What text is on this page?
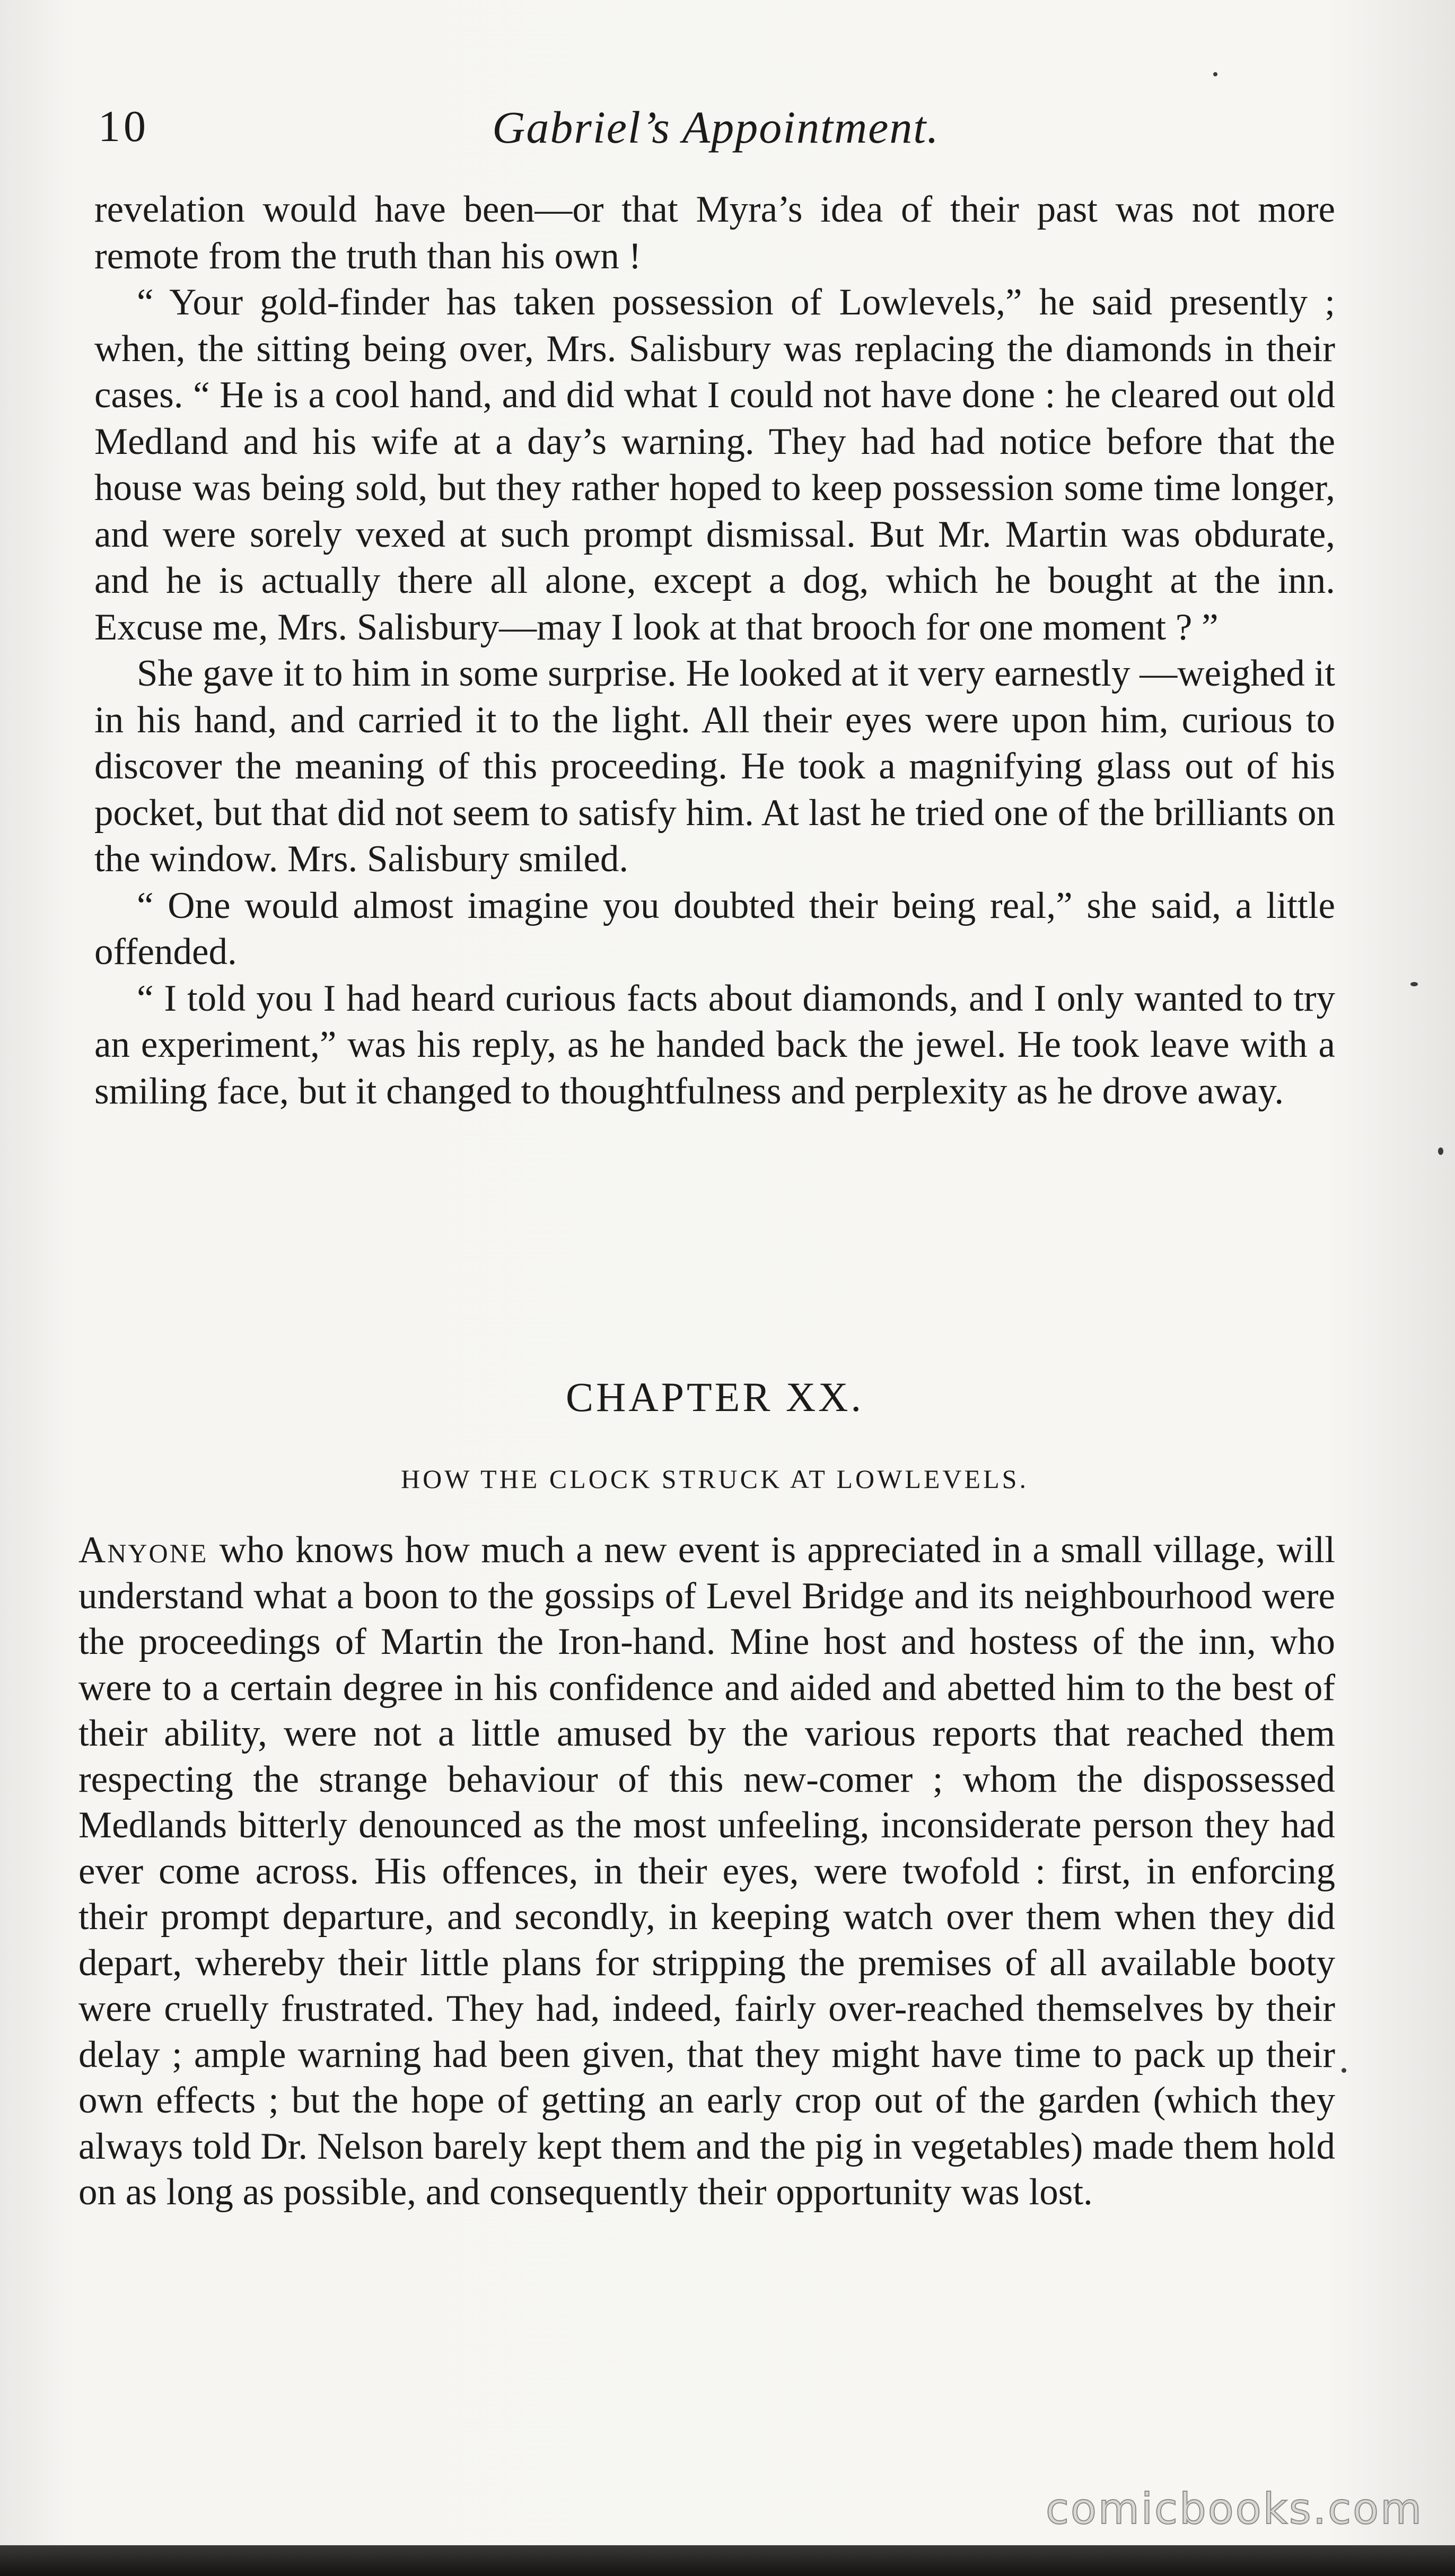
10	Gabriel’s Appointment.

revelation would have been—or that Myra’s idea of their past was not more remote from the truth than his own !

“ Your gold-finder has taken possession of Lowlevels,” he said presently ; when, the sitting being over, Mrs. Salisbury was replacing the diamonds in their cases. “ He is a cool hand, and did what I could not have done : he cleared out old Medland and his wife at a day’s warning. They had had notice before that the house was being sold, but they rather hoped to keep possession some time longer, and were sorely vexed at such prompt dismissal. But Mr. Martin was obdurate, and he is actually there all alone, except a dog, which he bought at the inn. Excuse me, Mrs. Salisbury—may I look at that brooch for one moment ? ”

She gave it to him in some surprise. He looked at it very earnestly —weighed it in his hand, and carried it to the light. All their eyes were upon him, curious to discover the meaning of this proceeding. He took a magnifying glass out of his pocket, but that did not seem to satisfy him. At last he tried one of the brilliants on the window. Mrs. Salisbury smiled.

“ One would almost imagine you doubted their being real,” she said, a little offended.

“ I told you I had heard curious facts about diamonds, and I only wanted to try an experiment,” was his reply, as he handed back the jewel. He took leave with a smiling face, but it changed to thoughtfulness and perplexity as he drove away.

CHAPTER XX.
HOW THE CLOCK STRUCK AT LOWLEVELS.

Anyone who knows how much a new event is appreciated in a small village, will understand what a boon to the gossips of Level Bridge and its neighbourhood were the proceedings of Martin the Iron-hand. Mine host and hostess of the inn, who were to a certain degree in his confidence and aided and abetted him to the best of their ability, were not a little amused by the various reports that reached them respecting the strange behaviour of this new-comer ; whom the dispossessed Medlands bitterly denounced as the most unfeeling, inconsiderate person they had ever come across. His offences, in their eyes, were twofold : first, in enforcing their prompt departure, and secondly, in keeping watch over them when they did depart, whereby their little plans for stripping the premises of all available booty were cruelly frustrated. They had, indeed, fairly over-reached themselves by their delay ; ample warning had been given, that they might have time to pack up their own effects ; but the hope of getting an early crop out of the garden (which they always told Dr. Nelson barely kept them and the pig in vegetables) made them hold on as long as possible, and consequently their opportunity was lost.

comicbooks.com
